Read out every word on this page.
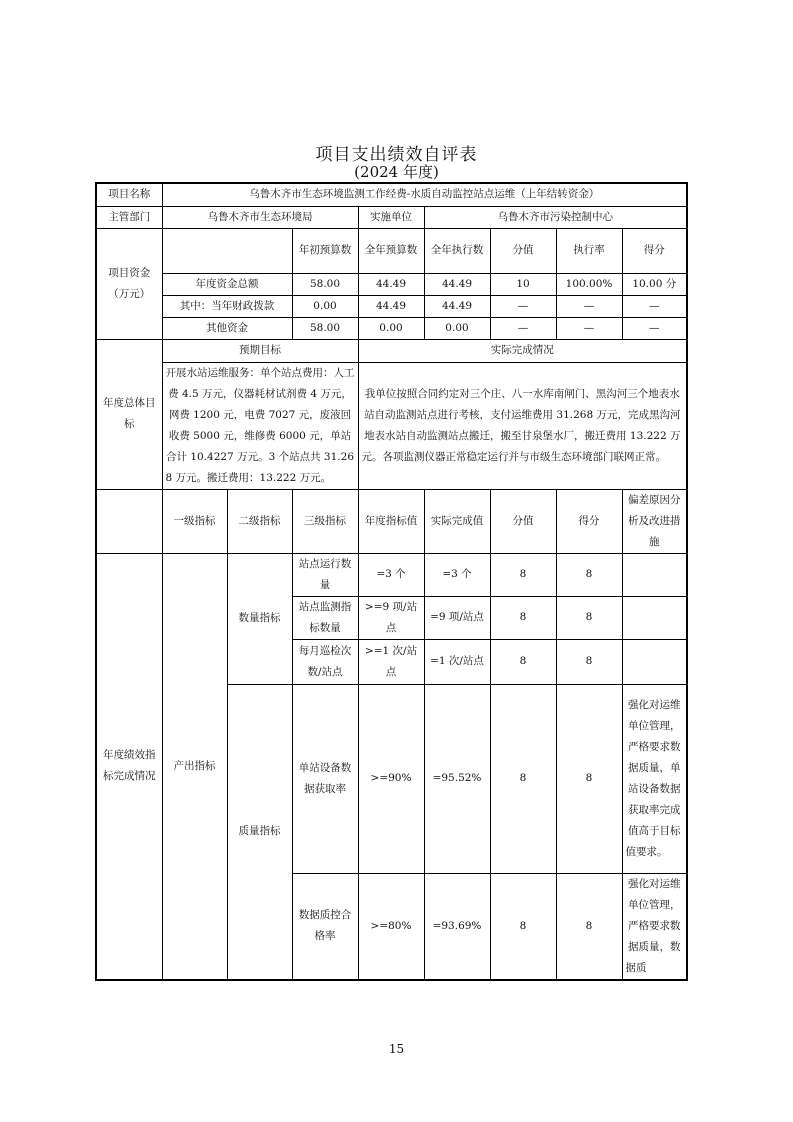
项目支出绩效自评表
(2024 年度)
项目名称	乌鲁木齐市生态环境监测工作经费-水质自动监控站点运维（上年结转资金）							
主管部门	乌鲁木齐市生态环境局			实施单位	乌鲁木齐市污染控制中心			
项目资金（万元）			年初预算数	全年预算数	全年执行数	分值	执行率	得分
	年度资金总额		58.00	44.49	44.49	10	100.00%	10.00 分
	其中：当年财政拨款		0.00	44.49	44.49	—	—	—
	其他资金		58.00	0.00	0.00	—	—	—
年度总体目标	预期目标			实际完成情况				
	开展水站运维服务：单个站点费用：人工费 4.5 万元，仪器耗材试剂费 4 万元，网费 1200 元，电费 7027 元，废液回收费 5000 元，维修费 6000 元，单站合计 10.4227 万元。3 个站点共 31.268 万元。搬迁费用：13.222 万元。			我单位按照合同约定对三个庄、八一水库南闸门、黑沟河三个地表水站自动监测站点进行考核，支付运维费用 31.268 万元，完成黑沟河地表水站自动监测站点搬迁，搬至甘泉堡水厂，搬迁费用 13.222 万元。各项监测仪器正常稳定运行并与市级生态环境部门联网正常。				
	一级指标	二级指标	三级指标	年度指标值	实际完成值	分值	得分	偏差原因分析及改进措施
年度绩效指标完成情况	产出指标	数量指标	站点运行数量	=3 个	=3 个	8	8	
			站点监测指标数量	>=9 项/站点	=9 项/站点	8	8	
			每月巡检次数/站点	>=1 次/站点	=1 次/站点	8	8	
		质量指标	单站设备数据获取率	>=90%	=95.52%	8	8	强化对运维单位管理，严格要求数据质量，单站设备数据获取率完成值高于目标值要求。
			数据质控合格率	>=80%	=93.69%	8	8	强化对运维单位管理，严格要求数据质量，数据质
15
